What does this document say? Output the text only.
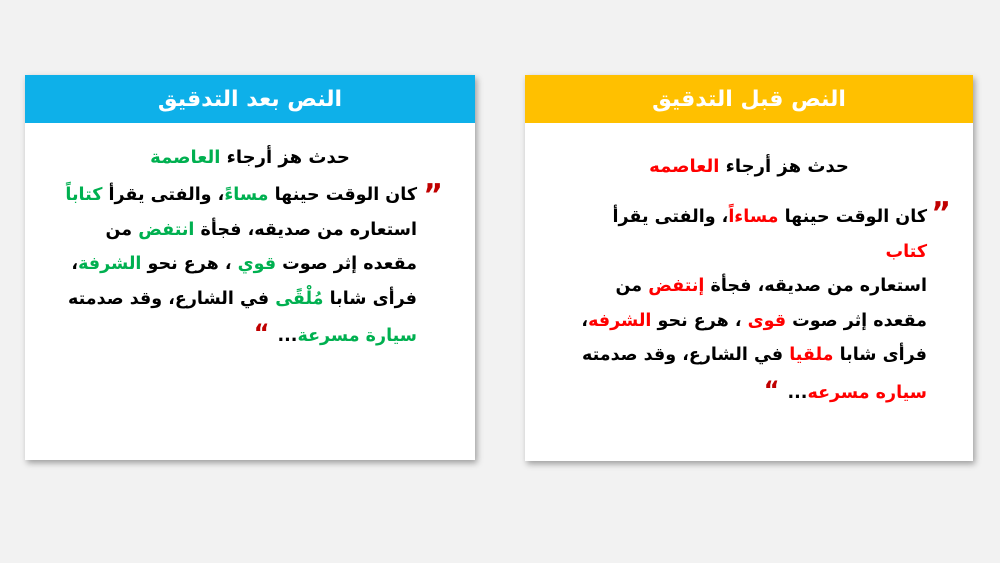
النص بعد التدقيق
حدث هز أرجاء العاصمة
”
كان الوقت حينها مساءً، والفتى يقرأ كتاباً
استعاره من صديقه، فجأة انتفض من
مقعده إثر صوت قوي ، هرع نحو الشرفة،
فرأى شابا مُلْقًى في الشارع، وقد صدمته
سيارة مسرعة...“
النص قبل التدقيق
حدث هز أرجاء العاصمه
”
كان الوقت حينها مساءاً، والفتى يقرأ كتاب
استعاره من صديقه، فجأة إنتفض من
مقعده إثر صوت قوى ، هرع نحو الشرفه،
فرأى شابا ملقيا في الشارع، وقد صدمته
سياره مسرعه...“
